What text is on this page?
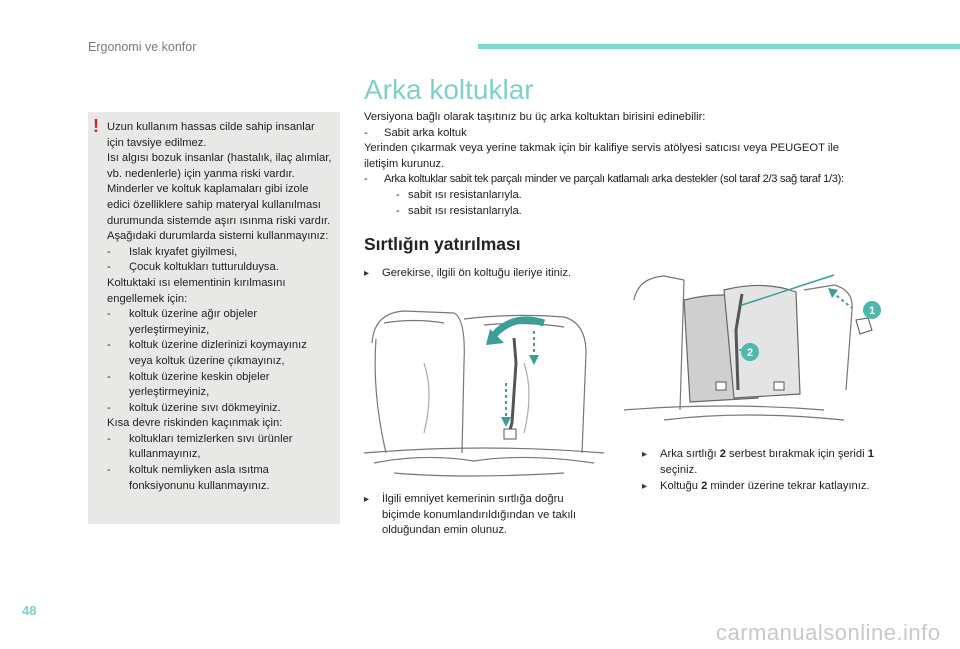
Ergonomi ve konfor
! Uzun kullanım hassas cilde sahip insanlar
için tavsiye edilmez.
Isı algısı bozuk insanlar (hastalık, ilaç alımlar,
vb. nedenlerle) için yanma riski vardır.
Minderler ve koltuk kaplamaları gibi izole
edici özelliklere sahip materyal kullanılması
durumunda sistemde aşırı ısınma riski vardır.
Aşağıdaki durumlarda sistemi kullanmayınız:
- Islak kıyafet giyilmesi,
- Çocuk koltukları tutturulduysa.
Koltuktaki ısı elementinin kırılmasını
engellemek için:
- koltuk üzerine ağır objeler
yerleştirmeyiniz,
- koltuk üzerine dizlerinizi koymayınız
veya koltuk üzerine çıkmayınız,
- koltuk üzerine keskin objeler
yerleştirmeyiniz,
- koltuk üzerine sıvı dökmeyiniz.
Kısa devre riskinden kaçınmak için:
- koltukları temizlerken sıvı ürünler
kullanmayınız,
- koltuk nemliyken asla ısıtma
fonksiyonunu kullanmayınız.
Arka koltuklar
Versiyona bağlı olarak taşıtınız bu üç arka koltuktan birisini edinebilir:
- Sabit arka koltuk
Yerinden çıkarmak veya yerine takmak için bir kalifiye servis atölyesi satıcısı veya PEUGEOT ile
iletişim kurunuz.
- Arka koltuklar sabit tek parçalı minder ve parçalı katlamalı arka destekler (sol taraf 2/3 sağ taraf 1/3):
- sabit ısı resistanlarıyla.
- sabit ısı resistanlarıyla.
Sırtlığın yatırılması
▸ Gerekirse, ilgili ön koltuğu ileriye itiniz.
▸ İlgili emniyet kemerinin sırtlığa doğru
biçimde konumlandırıldığından ve takılı
olduğundan emin olunuz.
1
2
▸ Arka sırtlığı 2 serbest bırakmak için şeridi 1
seçiniz.
▸ Koltuğu 2 minder üzerine tekrar katlayınız.
48
carmanualsonline.info
